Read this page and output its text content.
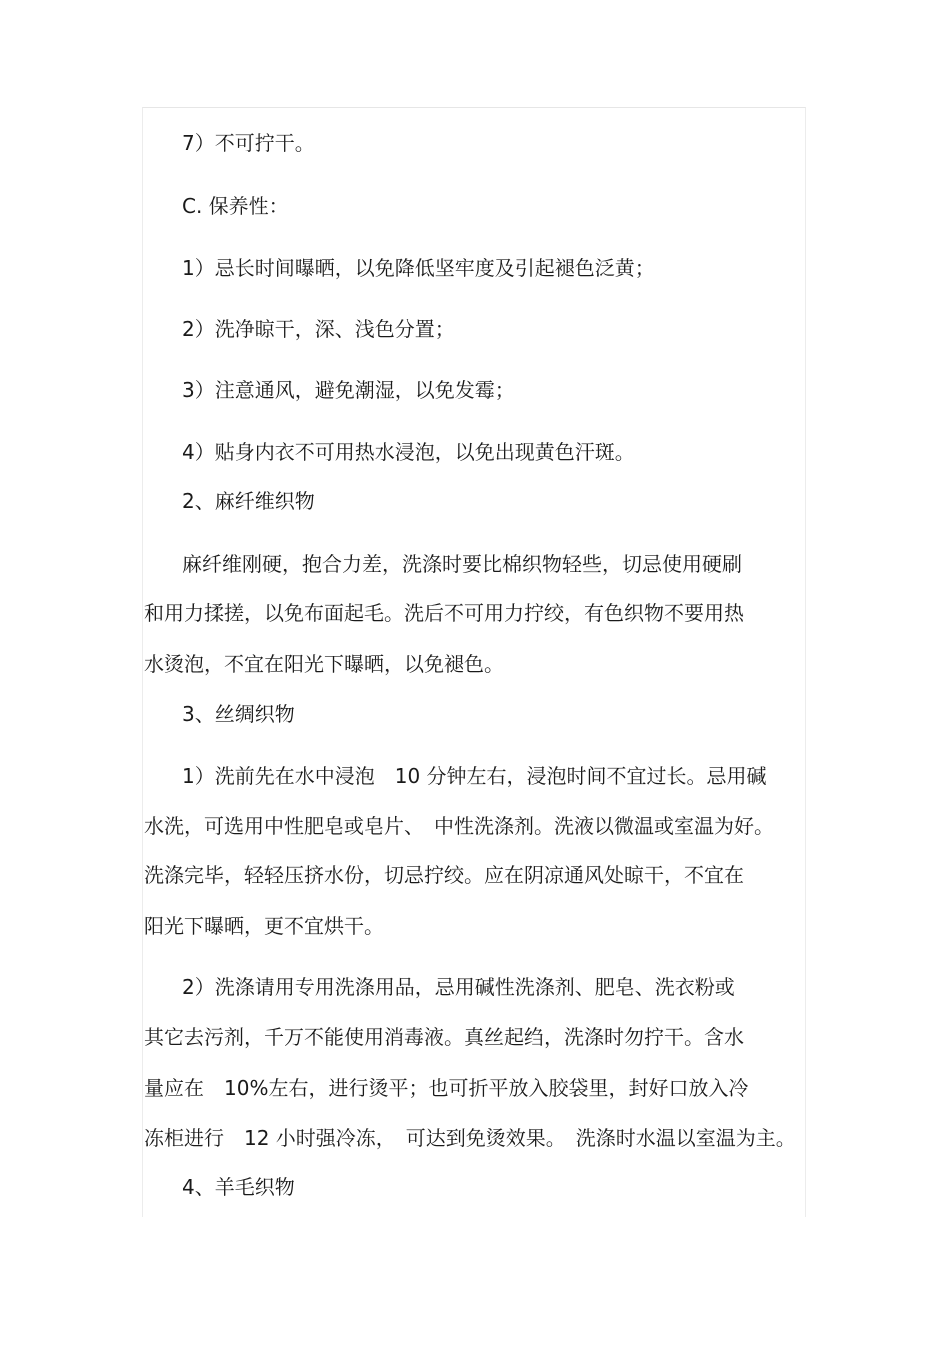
7）不可拧干。
C. 保养性：
1）忌长时间曝晒，以免降低坚牢度及引起褪色泛黄；
2）洗净晾干，深、浅色分置；
3）注意通风，避免潮湿，以免发霉；
4）贴身内衣不可用热水浸泡，以免出现黄色汗斑。
2、麻纤维织物
麻纤维刚硬，抱合力差，洗涤时要比棉织物轻些，切忌使用硬刷
和用力揉搓，以免布面起毛。洗后不可用力拧绞，有色织物不要用热
水烫泡，不宜在阳光下曝晒，以免褪色。
3、丝绸织物
1）洗前先在水中浸泡　10 分钟左右，浸泡时间不宜过长。忌用碱
水洗，可选用中性肥皂或皂片、　中性洗涤剂。洗液以微温或室温为好。
洗涤完毕，轻轻压挤水份，切忌拧绞。应在阴凉通风处晾干，不宜在
阳光下曝晒，更不宜烘干。
2）洗涤请用专用洗涤用品，忌用碱性洗涤剂、肥皂、洗衣粉或
其它去污剂，千万不能使用消毒液。真丝起绉，洗涤时勿拧干。含水
量应在　10%左右，进行烫平；也可折平放入胶袋里，封好口放入冷
冻柜进行　12 小时强冷冻，　可达到免烫效果。　洗涤时水温以室温为主。
4、羊毛织物
